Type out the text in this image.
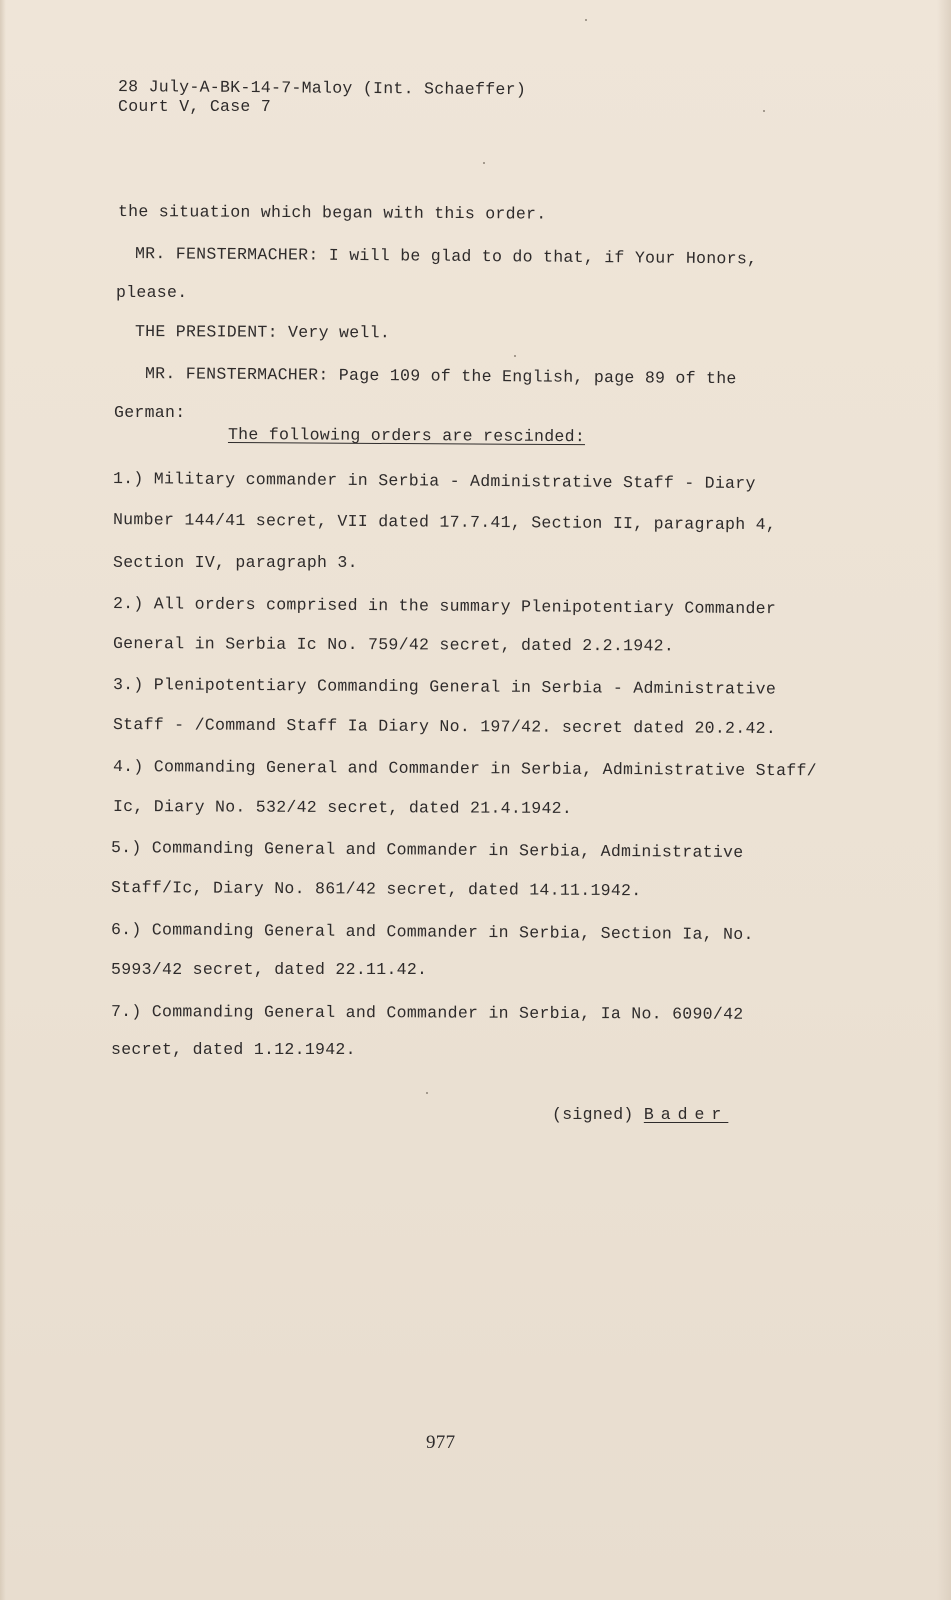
28 July-A-BK-14-7-Maloy (Int. Schaeffer)
Court V, Case 7
the situation which began with this order.
MR. FENSTERMACHER: I will be glad to do that, if Your Honors,
please.
THE PRESIDENT: Very well.
MR. FENSTERMACHER: Page 109 of the English, page 89 of the
German:
The following orders are rescinded:
1.) Military commander in Serbia - Administrative Staff - Diary
Number 144/41 secret, VII dated 17.7.41, Section II, paragraph 4,
Section IV, paragraph 3.
2.) All orders comprised in the summary Plenipotentiary Commander
General in Serbia Ic No. 759/42 secret, dated 2.2.1942.
3.) Plenipotentiary Commanding General in Serbia - Administrative
Staff - /Command Staff Ia Diary No. 197/42. secret dated 20.2.42.
4.) Commanding General and Commander in Serbia, Administrative Staff/
Ic, Diary No. 532/42 secret, dated 21.4.1942.
5.) Commanding General and Commander in Serbia, Administrative
Staff/Ic, Diary No. 861/42 secret, dated 14.11.1942.
6.) Commanding General and Commander in Serbia, Section Ia, No.
5993/42 secret, dated 22.11.42.
7.) Commanding General and Commander in Serbia, Ia No. 6090/42
secret, dated 1.12.1942.
(signed) Bader
977
